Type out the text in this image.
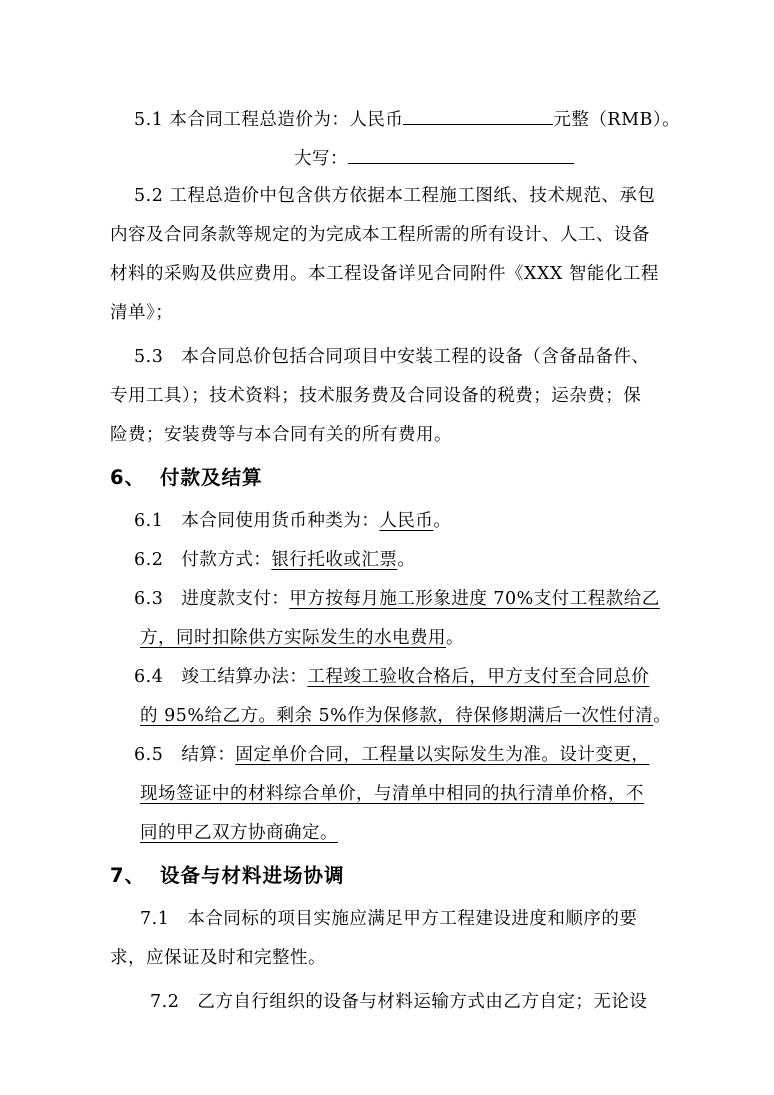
5.1 本合同工程总造价为：人民币	元整（RMB）。
大写：
5.2 工程总造价中包含供方依据本工程施工图纸、技术规范、承包
内容及合同条款等规定的为完成本工程所需的所有设计、人工、设备
材料的采购及供应费用。本工程设备详见合同附件《XXX 智能化工程
清单》；
5.3　本合同总价包括合同项目中安装工程的设备（含备品备件、
专用工具）；技术资料；技术服务费及合同设备的税费；运杂费；保
险费；安装费等与本合同有关的所有费用。
6、 付款及结算
6.1　本合同使用货币种类为：人民币。
6.2　付款方式：银行托收或汇票。
6.3　进度款支付：甲方按每月施工形象进度 70%支付工程款给乙
方，同时扣除供方实际发生的水电费用。
6.4　竣工结算办法：工程竣工验收合格后，甲方支付至合同总价
的 95%给乙方。剩余 5%作为保修款，待保修期满后一次性付清。
6.5　结算：固定单价合同，工程量以实际发生为准。设计变更，
现场签证中的材料综合单价，与清单中相同的执行清单价格，不
同的甲乙双方协商确定。
7、 设备与材料进场协调
7.1　本合同标的项目实施应满足甲方工程建设进度和顺序的要
求，应保证及时和完整性。
7.2　乙方自行组织的设备与材料运输方式由乙方自定；无论设
